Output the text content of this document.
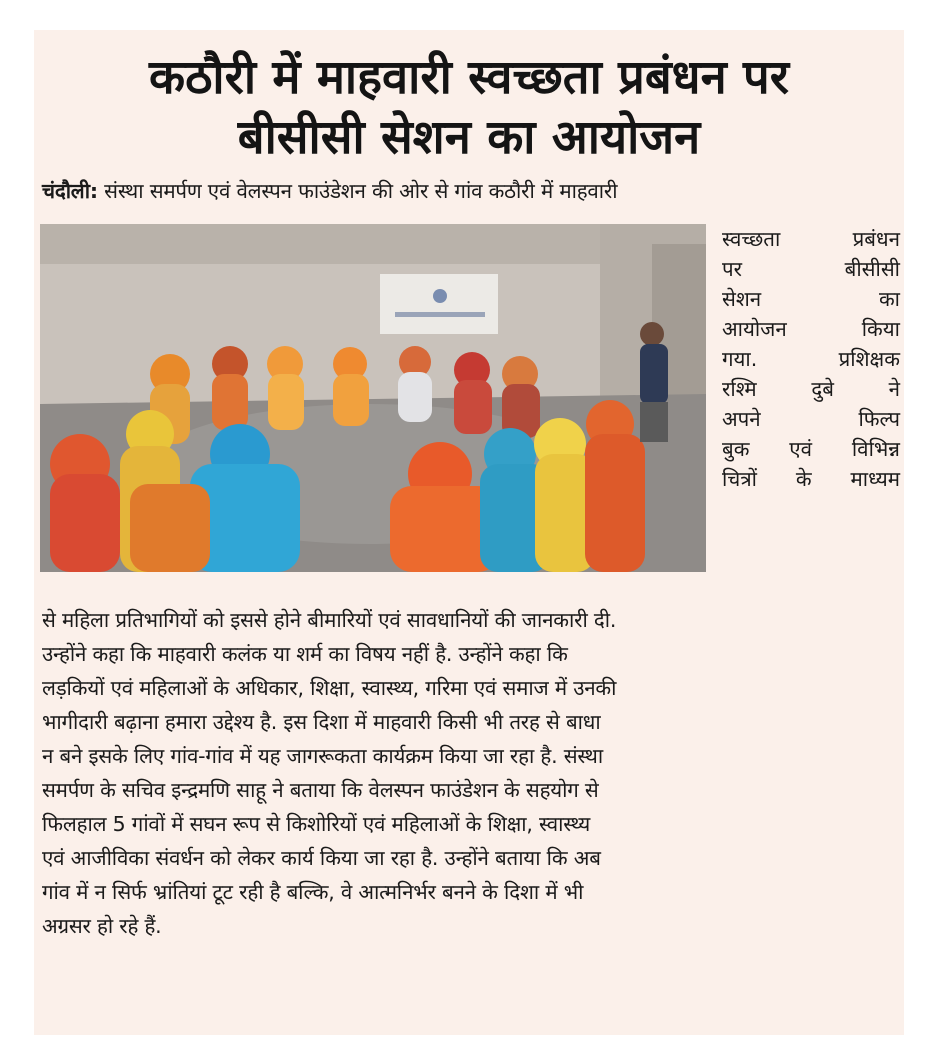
कठौरी में माहवारी स्वच्छता प्रबंधन पर
बीसीसी सेशन का आयोजन
चंदौली: संस्था समर्पण एवं वेलस्पन फाउंडेशन की ओर से गांव कठौरी में माहवारी
स्वच्छता	प्रबंधन
पर	बीसीसी
सेशन	का
आयोजन	किया
गया.	प्रशिक्षक
रश्मि	दुबे	ने
अपने	फिल्प
बुक एवं विभिन्न
चित्रों के माध्यम
से महिला प्रतिभागियों को इससे होने बीमारियों एवं सावधानियों की जानकारी दी.
उन्होंने कहा कि माहवारी कलंक या शर्म का विषय नहीं है. उन्होंने कहा कि
लड़कियों एवं महिलाओं के अधिकार, शिक्षा, स्वास्थ्य, गरिमा एवं समाज में उनकी
भागीदारी बढ़ाना हमारा उद्देश्य है. इस दिशा में माहवारी किसी भी तरह से बाधा
न बने इसके लिए गांव-गांव में यह जागरूकता कार्यक्रम किया जा रहा है. संस्था
समर्पण के सचिव इन्द्रमणि साहू ने बताया कि वेलस्पन फाउंडेशन के सहयोग से
फिलहाल 5 गांवों में सघन रूप से किशोरियों एवं महिलाओं के शिक्षा, स्वास्थ्य
एवं आजीविका संवर्धन को लेकर कार्य किया जा रहा है. उन्होंने बताया कि अब
गांव में न सिर्फ भ्रांतियां टूट रही है बल्कि, वे आत्मनिर्भर बनने के दिशा में भी
अग्रसर हो रहे हैं.
